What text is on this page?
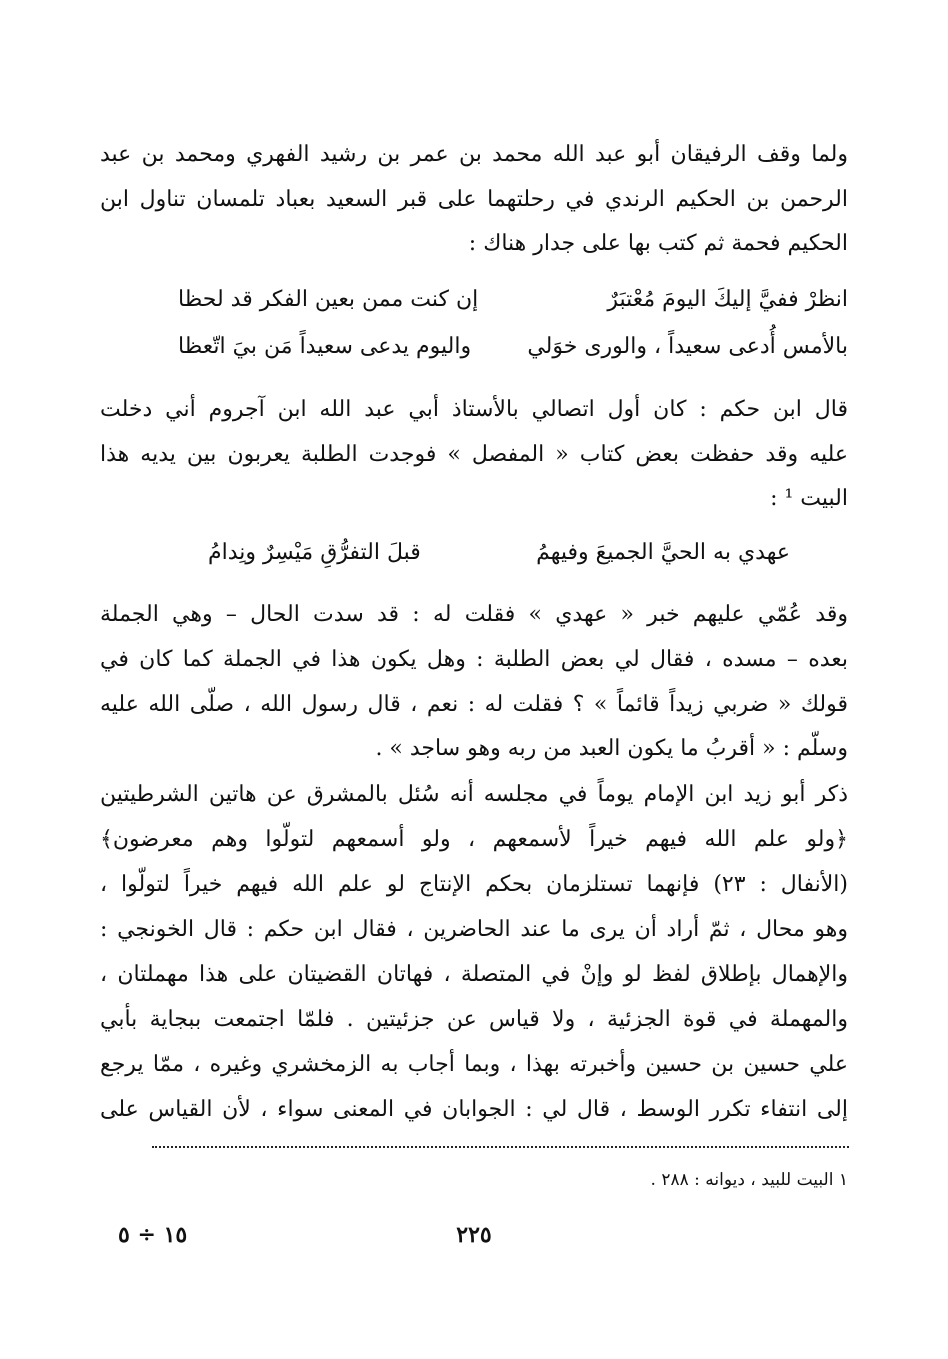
ولما وقف الرفيقان أبو عبد الله محمد بن عمر بن رشيد الفهري ومحمد بن عبد
الرحمن بن الحكيم الرندي في رحلتهما على قبر السعيد بعباد تلمسان تناول ابن
الحكيم فحمة ثم كتب بها على جدار هناك :
انظرْ ففيَّ إليكَ اليومَ مُعْتبَرٌ
إن كنت ممن بعين الفكر قد لحظا
بالأمس أُدعى سعيداً ، والورى خوَلي
واليوم يدعى سعيداً مَن بيَ اتّعظا
قال ابن حكم : كان أول اتصالي بالأستاذ أبي عبد الله ابن آجروم أني دخلت
عليه وقد حفظت بعض كتاب « المفصل » فوجدت الطلبة يعربون بين يديه هذا
البيت ¹ :
عهدي به الحيَّ الجميعَ وفيهمُ
قبلَ التفرُّقِ مَيْسِرٌ ونِدامُ
وقد عُمّي عليهم خبر « عهدي » فقلت له : قد سدت الحال – وهي الجملة
بعده – مسده ، فقال لي بعض الطلبة : وهل يكون هذا في الجملة كما كان في
قولك « ضربي زيداً قائماً » ؟ فقلت له : نعم ، قال رسول الله ، صلّى الله عليه
وسلّم : « أقربُ ما يكون العبد من ربه وهو ساجد » .
ذكر أبو زيد ابن الإمام يوماً في مجلسه أنه سُئل بالمشرق عن هاتين الشرطيتين
﴿ولو علم الله فيهم خيراً لأسمعهم ، ولو أسمعهم لتولّوا وهم معرضون﴾
(الأنفال : ٢٣) فإنهما تستلزمان بحكم الإنتاج لو علم الله فيهم خيراً لتولّوا ،
وهو محال ، ثمّ أراد أن يرى ما عند الحاضرين ، فقال ابن حكم : قال الخونجي :
والإهمال بإطلاق لفظ لو وإنْ في المتصلة ، فهاتان القضيتان على هذا مهملتان ،
والمهملة في قوة الجزئية ، ولا قياس عن جزئيتين . فلمّا اجتمعت ببجاية بأبي
علي حسين بن حسين وأخبرته بهذا ، وبما أجاب به الزمخشري وغيره ، ممّا يرجع
إلى انتفاء تكرر الوسط ، قال لي : الجوابان في المعنى سواء ، لأن القياس على
١ البيت للبيد ، ديوانه : ٢٨٨ .
٢٢٥
١٥ ÷ ٥
